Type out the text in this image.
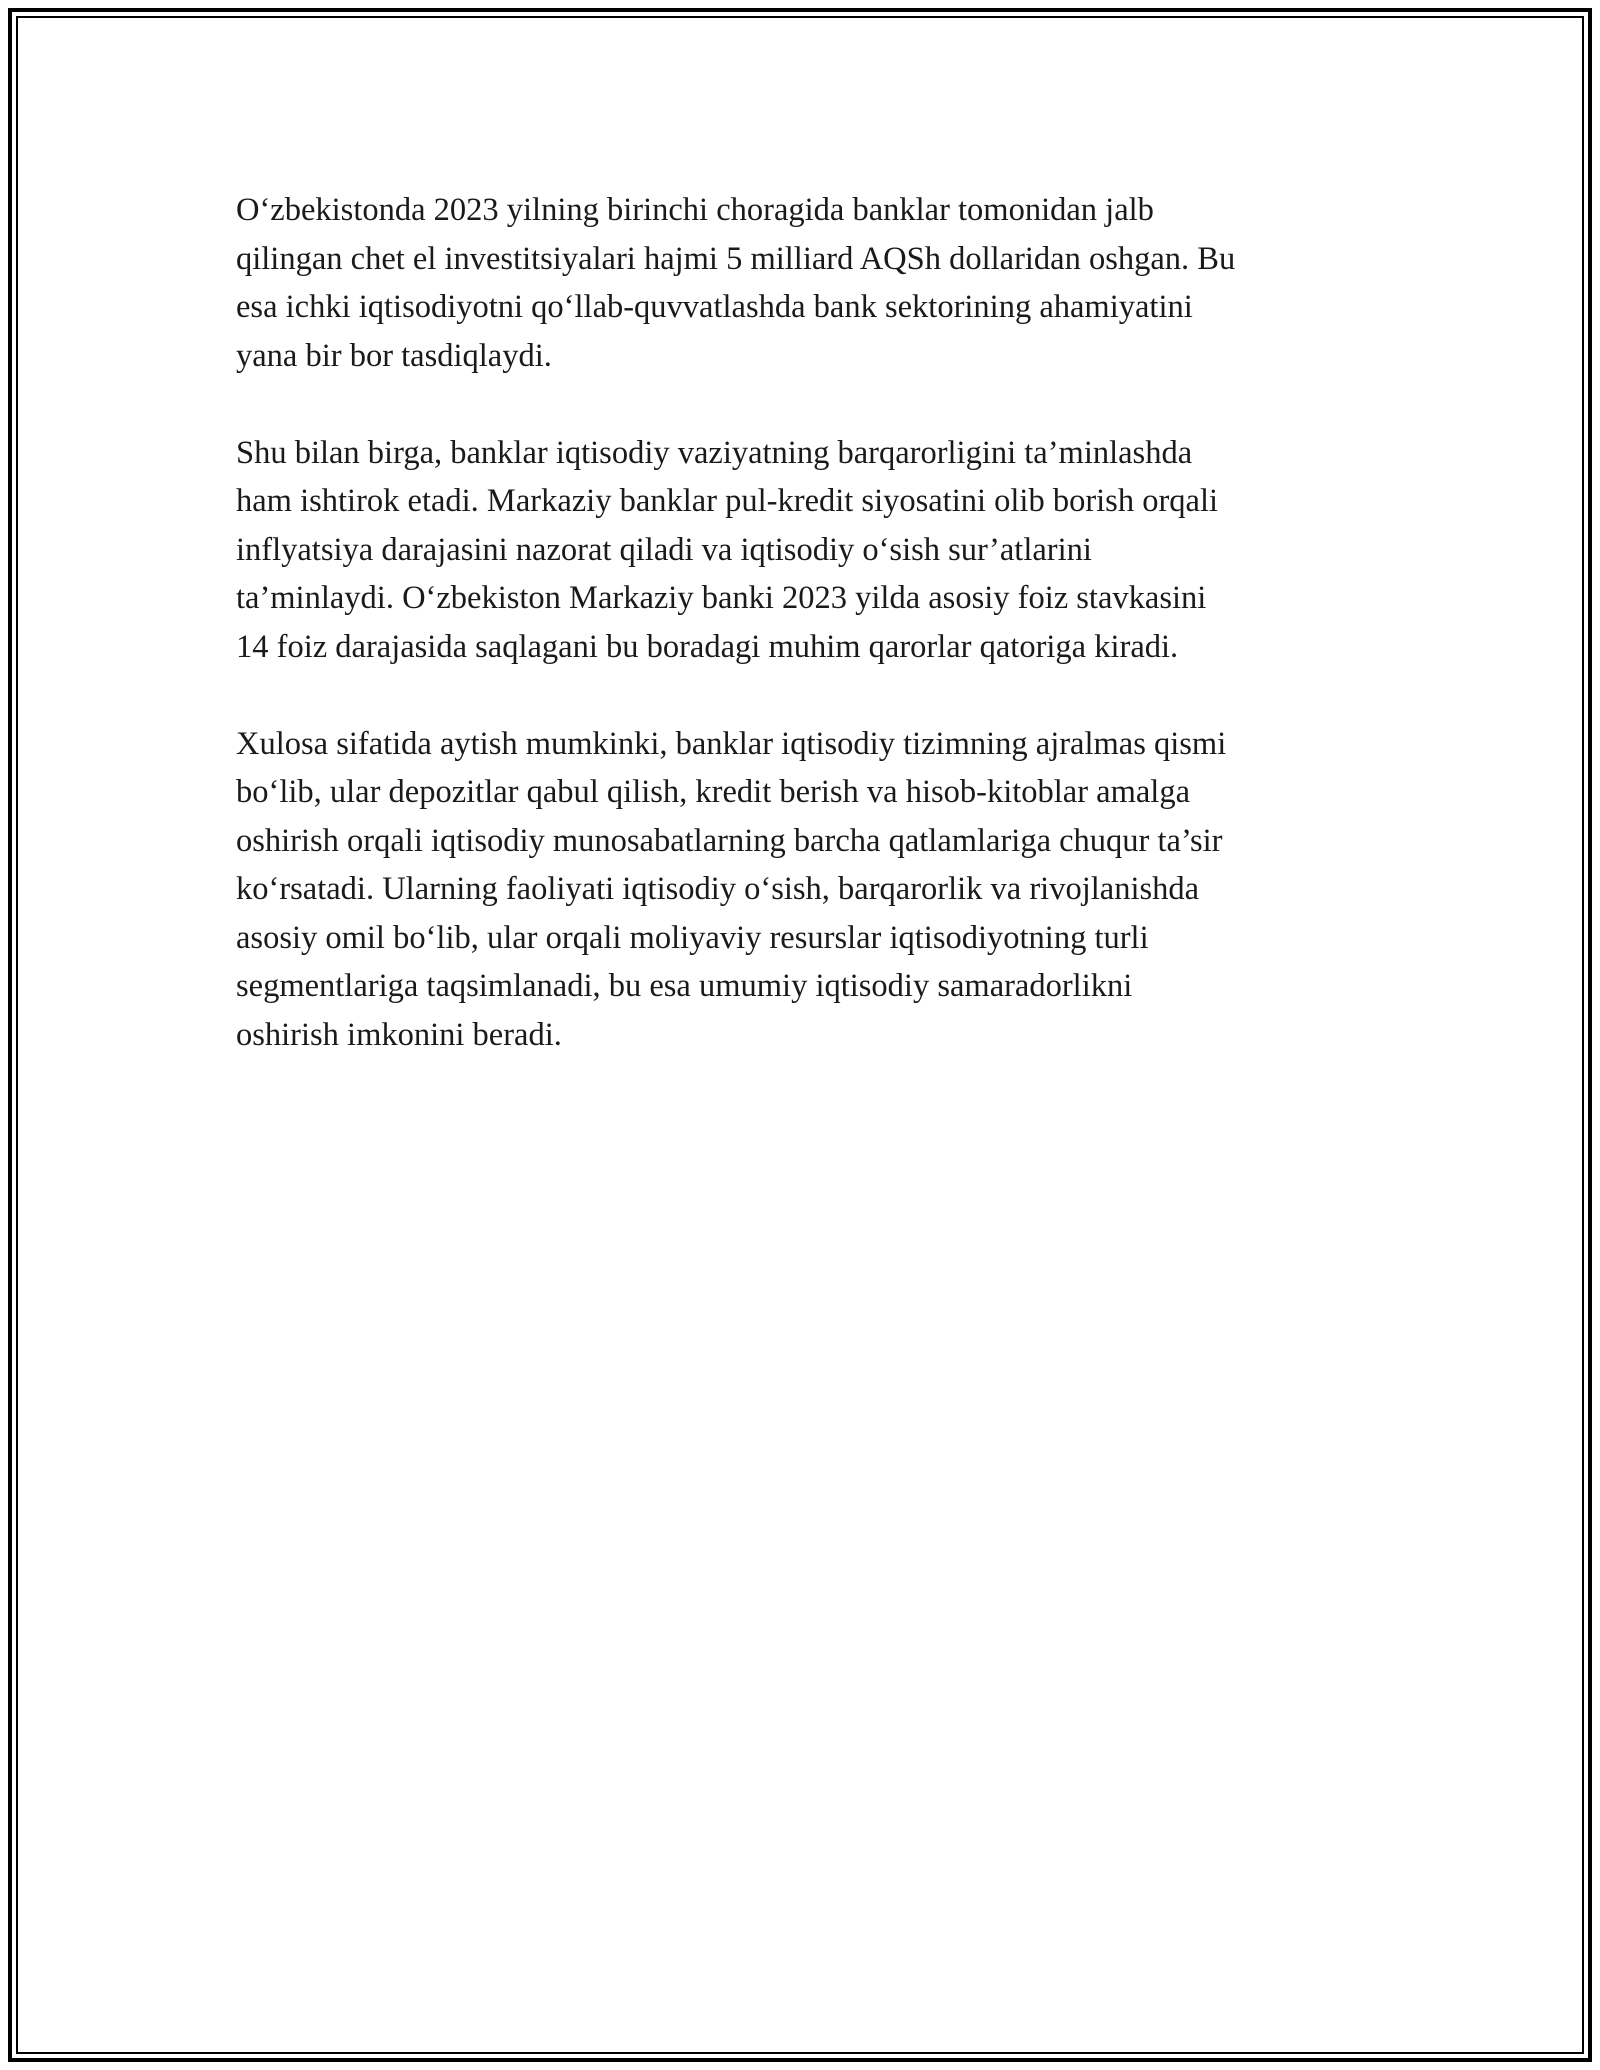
O‘zbekistonda 2023 yilning birinchi choragida banklar tomonidan jalb
qilingan chet el investitsiyalari hajmi 5 milliard AQSh dollaridan oshgan. Bu
esa ichki iqtisodiyotni qo‘llab-quvvatlashda bank sektorining ahamiyatini
yana bir bor tasdiqlaydi.

Shu bilan birga, banklar iqtisodiy vaziyatning barqarorligini ta’minlashda
ham ishtirok etadi. Markaziy banklar pul-kredit siyosatini olib borish orqali
inflyatsiya darajasini nazorat qiladi va iqtisodiy o‘sish sur’atlarini
ta’minlaydi. O‘zbekiston Markaziy banki 2023 yilda asosiy foiz stavkasini
14 foiz darajasida saqlagani bu boradagi muhim qarorlar qatoriga kiradi.

Xulosa sifatida aytish mumkinki, banklar iqtisodiy tizimning ajralmas qismi
bo‘lib, ular depozitlar qabul qilish, kredit berish va hisob-kitoblar amalga
oshirish orqali iqtisodiy munosabatlarning barcha qatlamlariga chuqur ta’sir
ko‘rsatadi. Ularning faoliyati iqtisodiy o‘sish, barqarorlik va rivojlanishda
asosiy omil bo‘lib, ular orqali moliyaviy resurslar iqtisodiyotning turli
segmentlariga taqsimlanadi, bu esa umumiy iqtisodiy samaradorlikni
oshirish imkonini beradi.
